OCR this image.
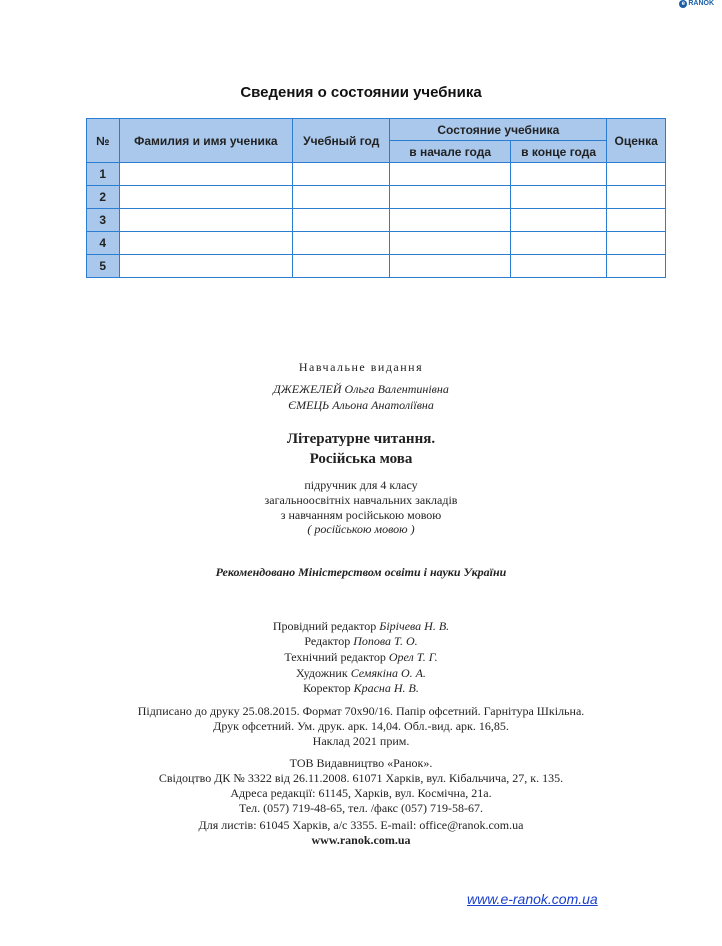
e RANOK
Сведения о состоянии учебника
№	Фамилия и имя ученика	Учебный год	Состояние учебника		Оценка
			в начале года	в конце года	
1					
2					
3					
4					
5					
Навчальне видання
ДЖЕЖЕЛЕЙ Ольга Валентинівна
ЄМЕЦЬ Альона Анатоліївна
Літературне читання.
Російська мова
підручник для 4 класу
загальноосвітніх навчальних закладів
з навчанням російською мовою
( російською мовою )
Рекомендовано Міністерством освіти і науки України
Провідний редактор Бірічева Н. В.
Редактор Попова Т. О.
Технічний редактор Орел Т. Г.
Художник Семякіна О. А.
Коректор Красна Н. В.
Підписано до друку 25.08.2015. Формат 70х90/16. Папір офсетний. Гарнітура Шкільна.
Друк офсетний. Ум. друк. арк. 14,04. Обл.-вид. арк. 16,85.
Наклад 2021 прим.
ТОВ Видавництво «Ранок».
Свідоцтво ДК № 3322 від 26.11.2008. 61071 Харків, вул. Кібальчича, 27, к. 135.
Адреса редакції: 61145, Харків, вул. Космічна, 21а.
Тел. (057) 719-48-65, тел. /факс (057) 719-58-67.
Для листів: 61045 Харків, а/с 3355. E-mail: office@ranok.com.ua
www.ranok.com.ua
www.e-ranok.com.ua
